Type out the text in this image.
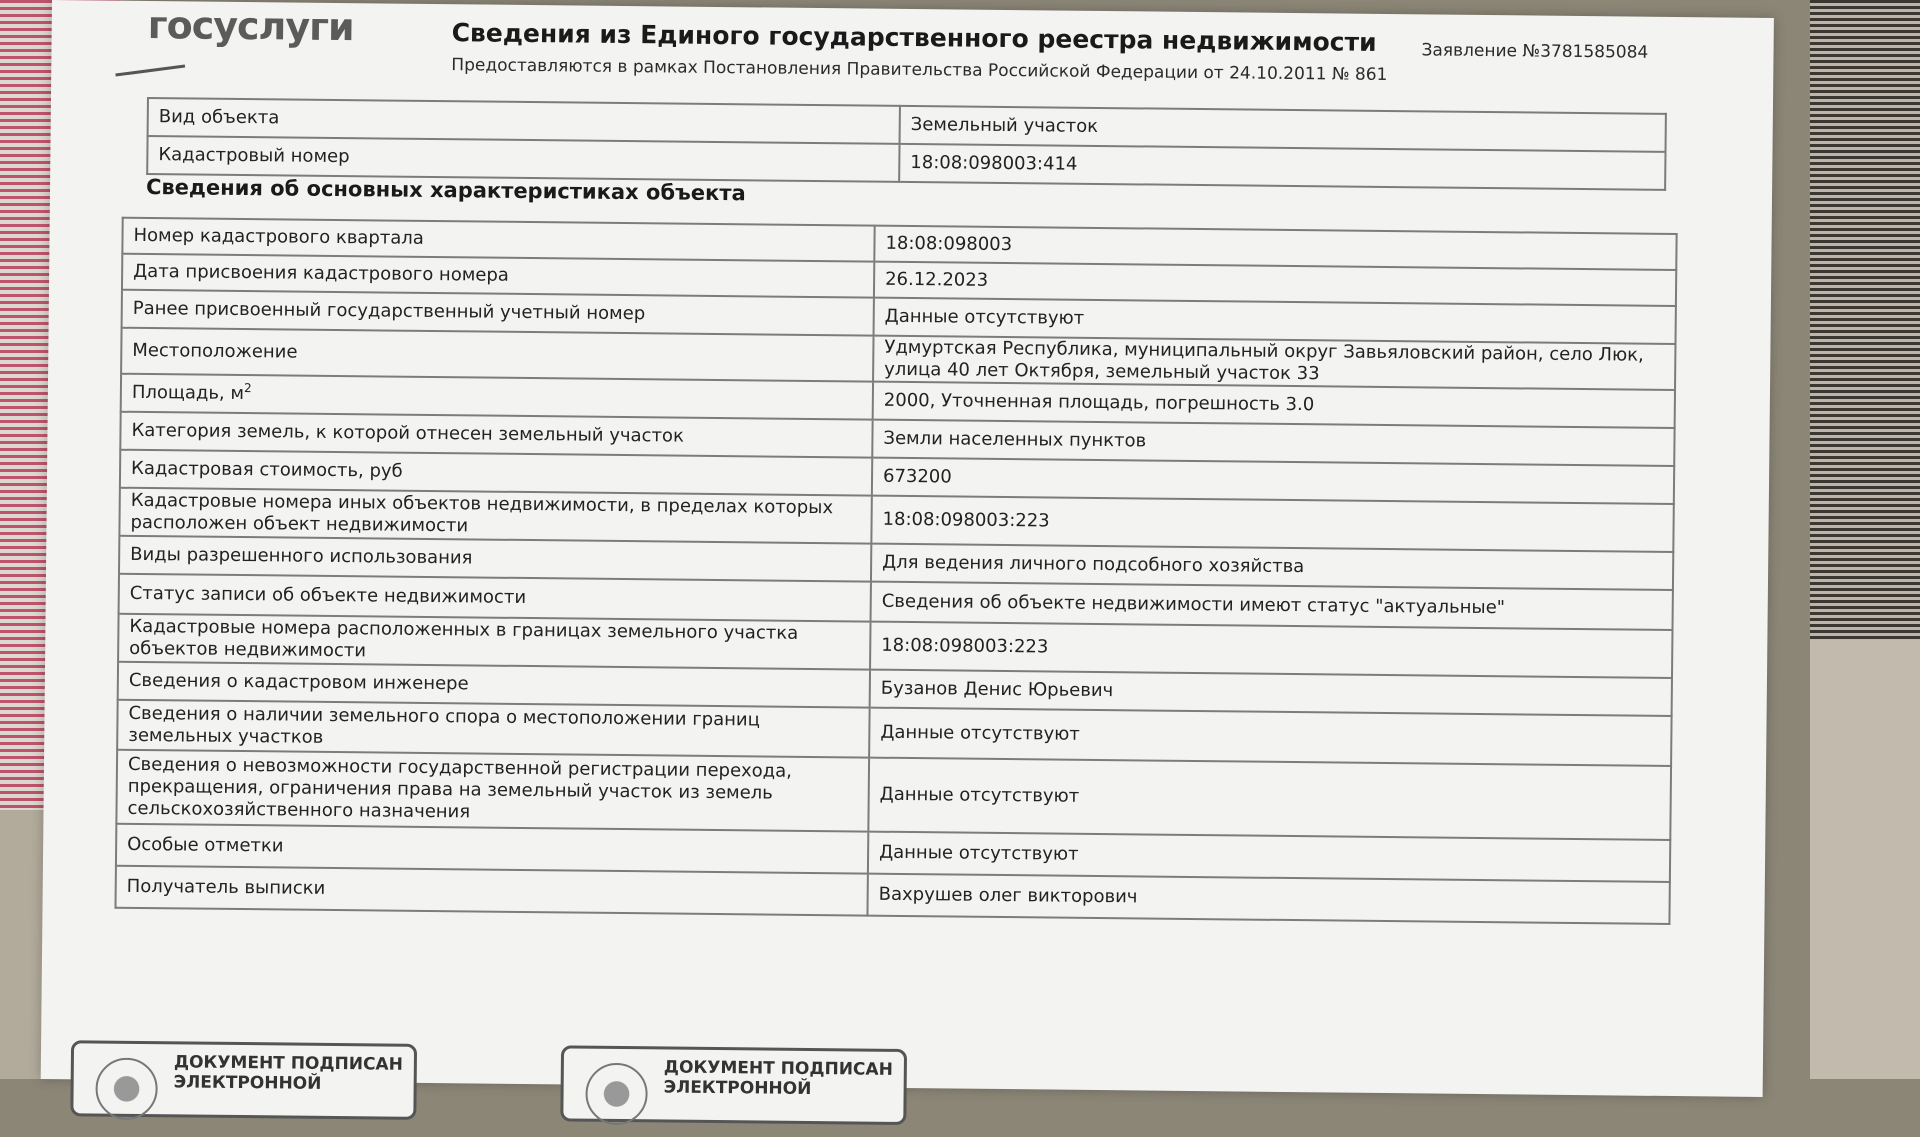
госуслуги	Сведения из Единого государственного реестра недвижимости
Предоставляются в рамках Постановления Правительства Российской Федерации от 24.10.2011 № 861
Заявление №3781585084
Вид объекта	Земельный участок
Кадастровый номер	18:08:098003:414
Сведения об основных характеристиках объекта
Номер кадастрового квартала	18:08:098003
Дата присвоения кадастрового номера	26.12.2023
Ранее присвоенный государственный учетный номер	Данные отсутствуют
Местоположение	Удмуртская Республика, муниципальный округ Завьяловский район, село Люк, улица 40 лет Октября, земельный участок 33
Площадь, $м^2$	2000, Уточненная площадь, погрешность 3.0
Категория земель, к которой отнесен земельный участок	Земли населенных пунктов
Кадастровая стоимость, руб	673200
Кадастровые номера иных объектов недвижимости, в пределах которых расположен объект недвижимости	18:08:098003:223
Виды разрешенного использования	Для ведения личного подсобного хозяйства
Статус записи об объекте недвижимости	Сведения об объекте недвижимости имеют статус "актуальные"
Кадастровые номера расположенных в границах земельного участка объектов недвижимости	18:08:098003:223
Сведения о кадастровом инженере	Бузанов Денис Юрьевич
Сведения о наличии земельного спора о местоположении границ земельных участков	Данные отсутствуют
Сведения о невозможности государственной регистрации перехода, прекращения, ограничения права на земельный участок из земель сельскохозяйственного назначения	Данные отсутствуют
Особые отметки	Данные отсутствуют
Получатель выписки	Вахрушев олег викторович
ДОКУМЕНТ ПОДПИСАН ЭЛЕКТРОННОЙ
ДОКУМЕНТ ПОДПИСАН ЭЛЕКТРОННОЙ
